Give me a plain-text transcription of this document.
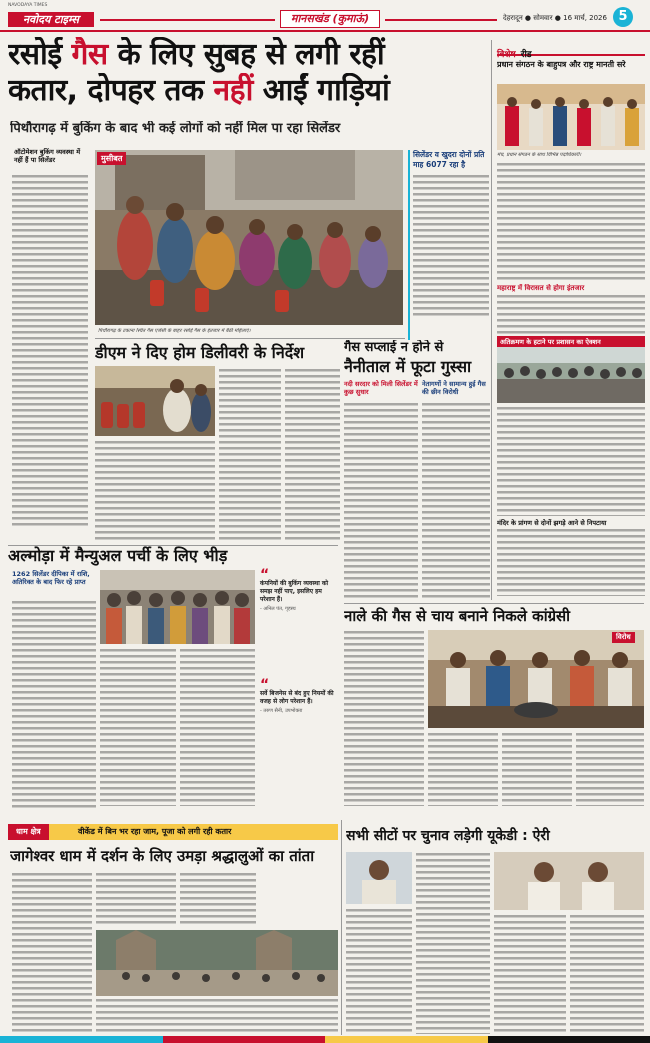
नवोदय टाइम्स
NAVODAYA TIMES
मानसखंड (कुमाऊं)	देहरादून ● सोमवार ● 16 मार्च, 2026 5
रसोई गैस के लिए सुबह से लगी रहीं
कतार, दोपहर तक नहीं आईं गाड़ियां
पिथौरागढ़ में बुकिंग के बाद भी कई लोगों को नहीं मिल पा रहा सिलेंडर
ऑटोमेशन बुकिंग व्यवस्था में नहीं हैं पा सिलेंडर	मुसीबत
पिथौरागढ़ के टकाना स्थित गैस एजेंसी के बाहर रसोई गैस के इंतजार में बैठी महिलाएं।
सिलेंडर व खुदरा दोनों प्रति माह 6077 रहा है
विशेष रीड
प्रधान संगठन के बाहुपत्र और राष्ट्र मानती सरे
मंच, प्रधान संगठन के साथ विभिन्न पदाधिकारी।
महाराष्ट्र में विरासत से होगा इंतजार
अतिक्रमण के हटाने पर प्रशासन का ऐक्शन
मंदिर के प्रांगण से दोनों झगड़े आने से निपटाया
डीएम ने दिए होम डिलीवरी के निर्देश	गैस सप्लाई न होने से
नैनीताल में फूटा गुस्सा
नदी सरदार को मिली सिलेंडर में कुछ सुधार
नेतागणों ने सामान्य हुई गैस की छीन विरोधी
अल्मोड़ा में मैन्युअल पर्ची के लिए भीड़
1262 सिलेंडर दीपिका में राशि, अतिरिक्त के बाद फिर रहे प्राप्त	“
कंपनियों की बुकिंग व्यवस्था को समझ नहीं पाए, इसलिए हम परेशान हैं।
- अनिल पंत, गृहस्थ
“
सर्वे बिजनेस से बंद हुए नियमों की वजह से लोग परेशान हैं।
- तरुण सैनी, उपभोक्ता
नाले की गैस से चाय बनाने निकले कांग्रेसी
विरोध
धाम क्षेत्र	वीकेंड में बिन भर रहा जाम, पूजा को लगी रही कतार
जागेश्वर धाम में दर्शन के लिए उमड़ा श्रद्धालुओं का तांता
सभी सीटों पर चुनाव लड़ेगी यूकेडी : ऐरी
